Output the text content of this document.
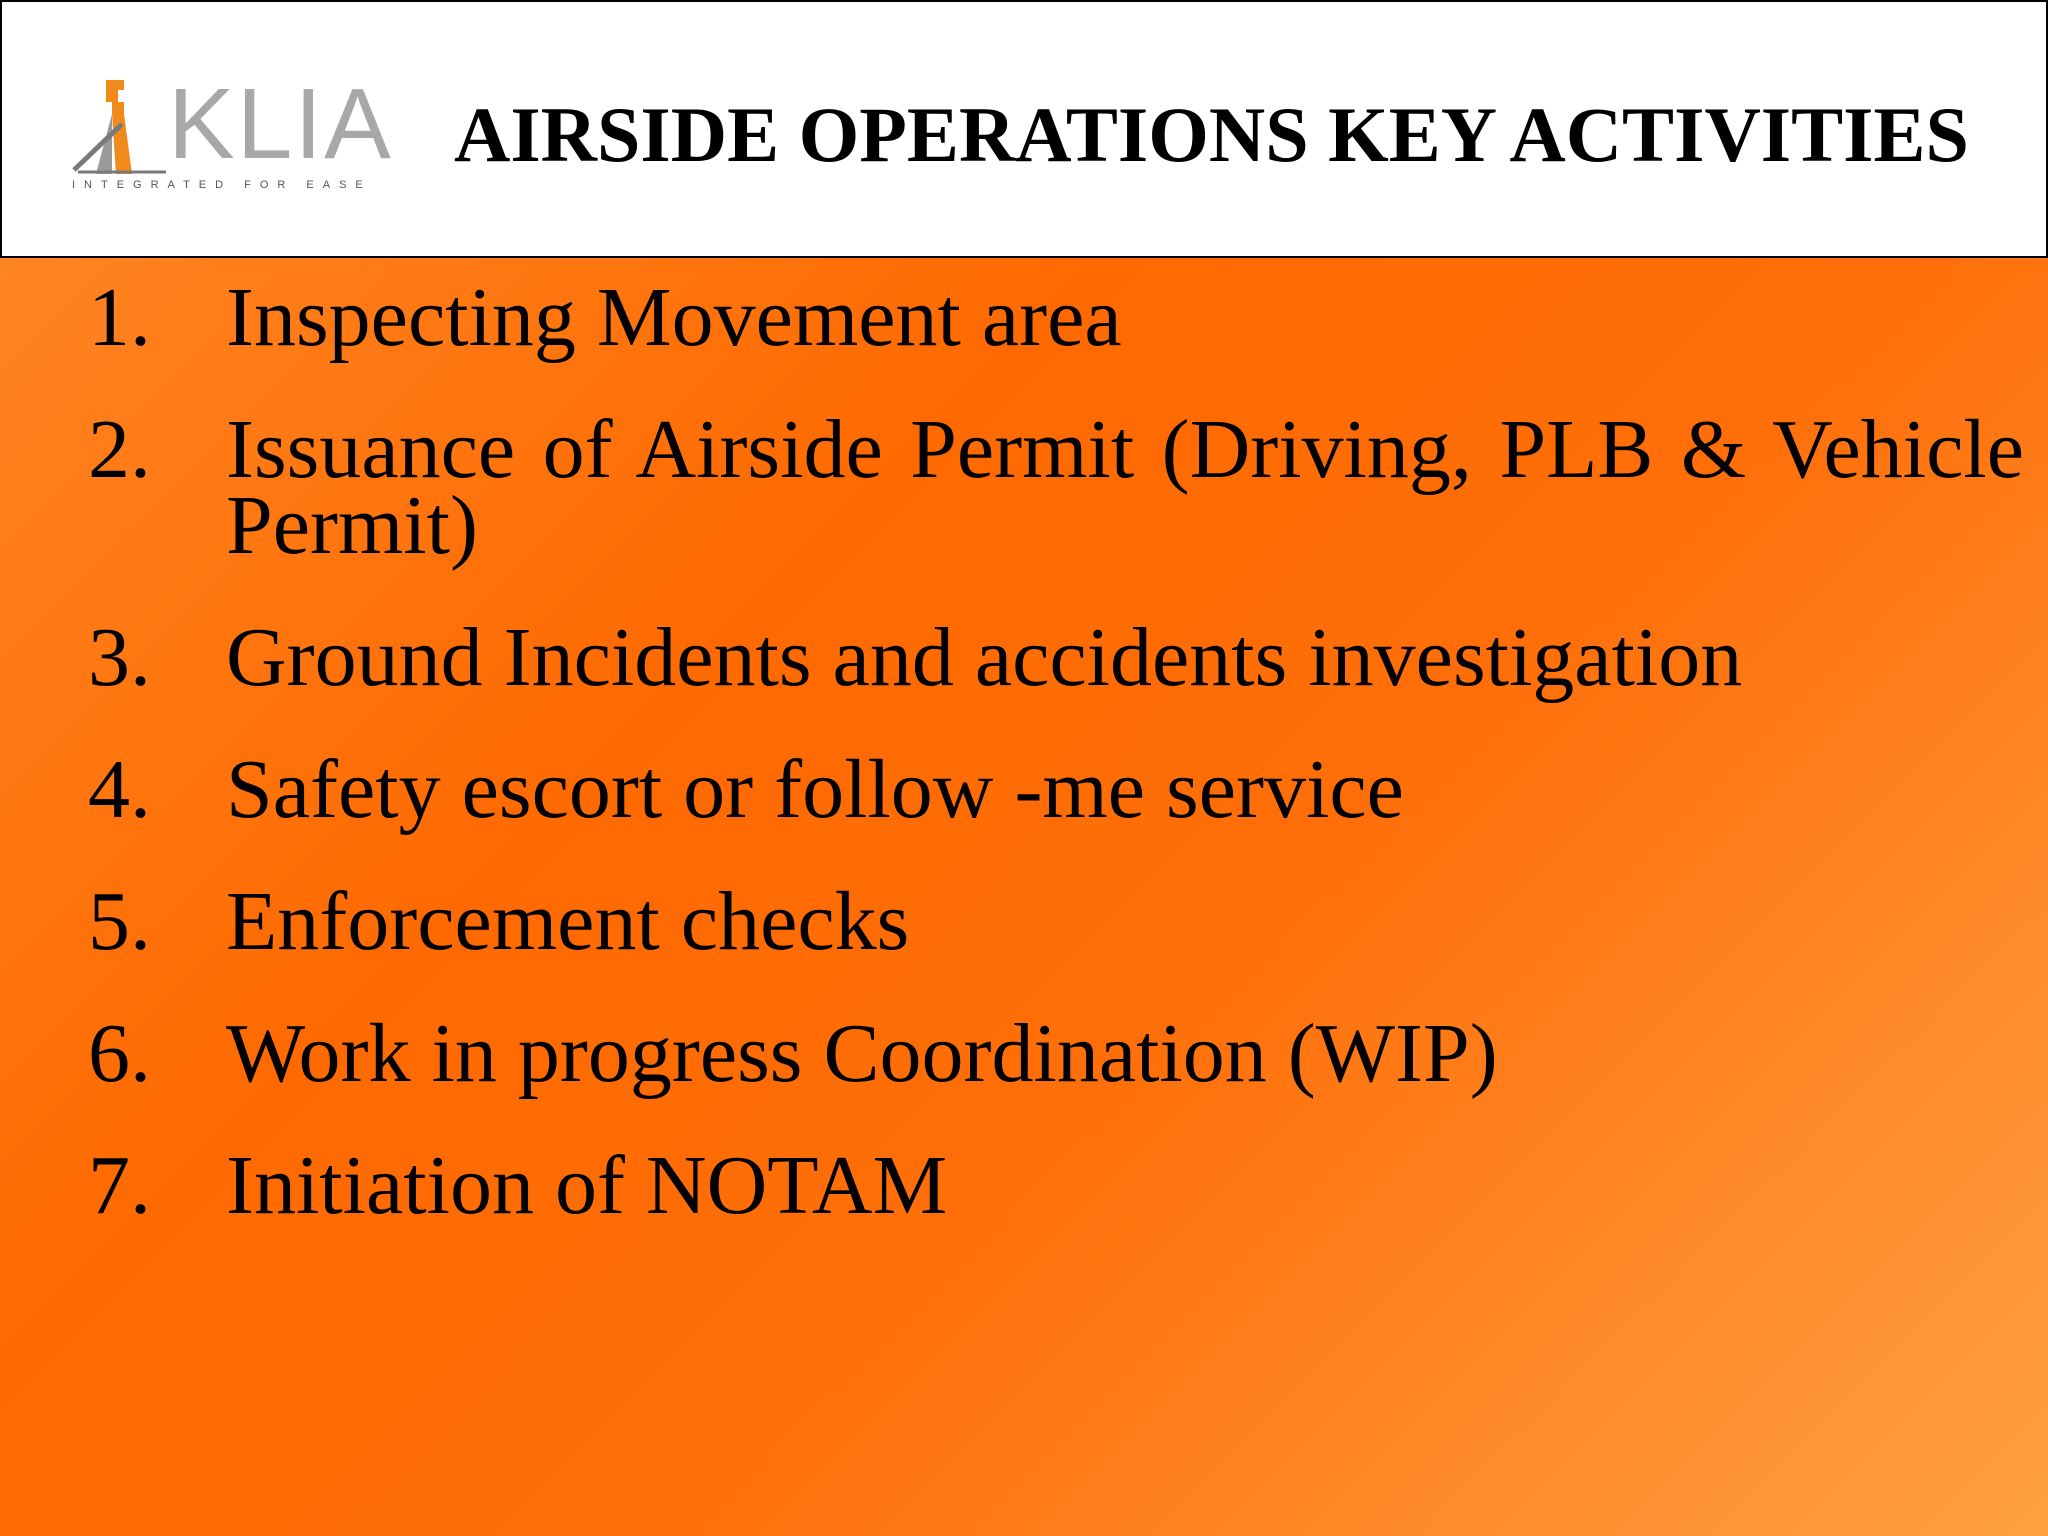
KLIA
INTEGRATED FOR EASE
AIRSIDE OPERATIONS KEY ACTIVITIES
1. Inspecting Movement area
2. Issuance of Airside Permit (Driving, PLB & Vehicle Permit)
3. Ground Incidents and accidents investigation
4. Safety escort or follow -me service
5. Enforcement checks
6. Work in progress Coordination (WIP)
7. Initiation of NOTAM
